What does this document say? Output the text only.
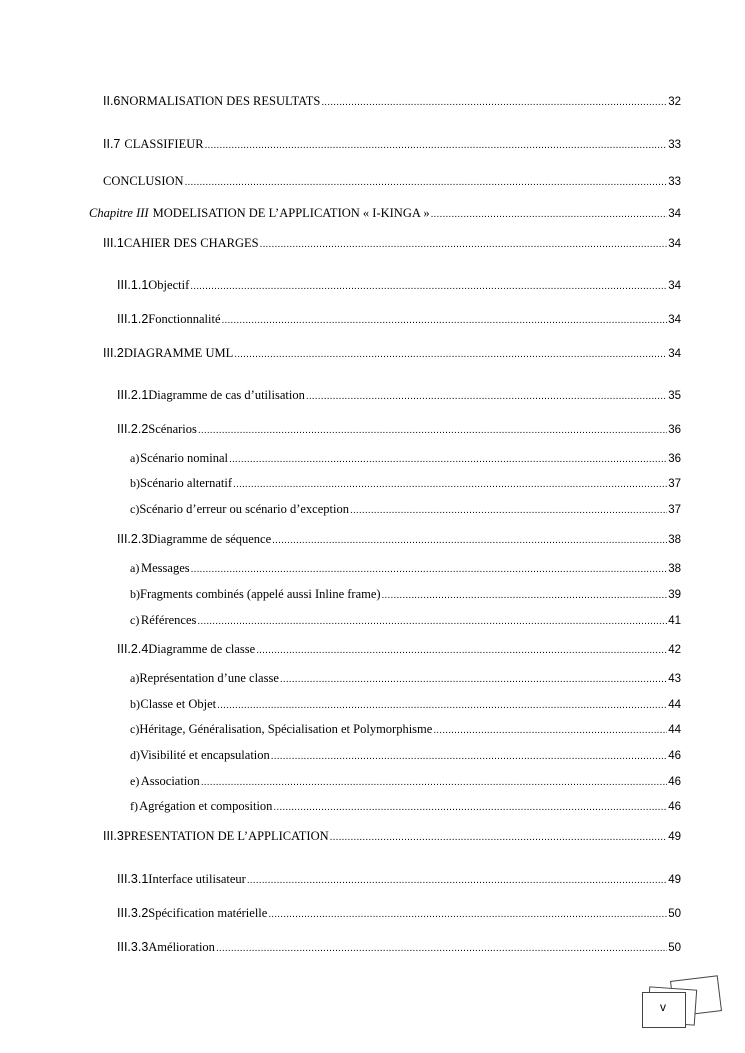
II.6 NORMALISATION DES RESULTATS .....	32
II.7 CLASSIFIEUR .....	33
CONCLUSION .....	33
Chapitre III MODELISATION DE L’APPLICATION « I-KINGA » .....	34
III.1 CAHIER DES CHARGES .....	34
III.1.1 Objectif .....	34
III.1.2 Fonctionnalité .....	34
III.2 DIAGRAMME UML .....	34
III.2.1 Diagramme de cas d’utilisation .....	35
III.2.2 Scénarios .....	36
a) Scénario nominal .....	36
b) Scénario alternatif .....	37
c) Scénario d’erreur ou scénario d’exception .....	37
III.2.3 Diagramme de séquence .....	38
a) Messages .....	38
b) Fragments combinés (appelé aussi Inline frame) .....	39
c) Références .....	41
III.2.4 Diagramme de classe .....	42
a) Représentation d’une classe .....	43
b) Classe et Objet .....	44
c) Héritage, Généralisation, Spécialisation et Polymorphisme .....	44
d) Visibilité et encapsulation .....	46
e) Association .....	46
f) Agrégation et composition .....	46
III.3 PRESENTATION DE L’APPLICATION .....	49
III.3.1 Interface utilisateur .....	49
III.3.2 Spécification matérielle .....	50
III.3.3 Amélioration .....	50
v
